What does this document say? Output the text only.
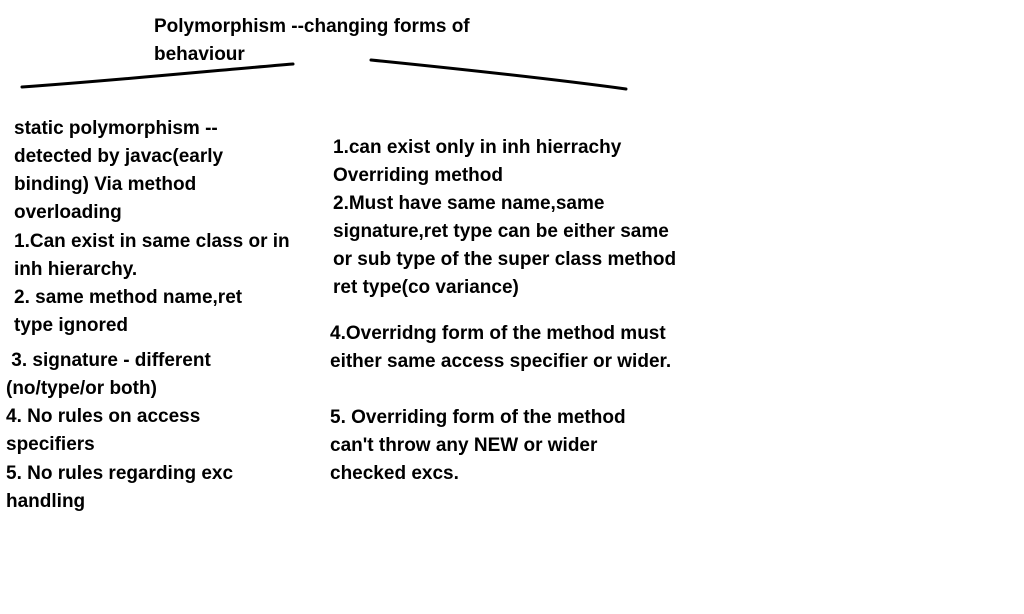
Polymorphism --changing forms of
behaviour
static polymorphism --
detected by javac(early
binding) Via method
overloading
1.Can exist in same class or in
inh hierarchy.
2. same method name,ret
type ignored
3. signature - different
(no/type/or both)
4. No rules on access
specifiers
5. No rules regarding exc
handling
1.can exist only in inh hierrachy
Overriding method
2.Must have same name,same
signature,ret type can be either same
or sub type of the super class method
ret type(co variance)
4.Overridng form of the method must
either same access specifier or wider.
5. Overriding form of the method
can't throw any NEW or wider
checked excs.
